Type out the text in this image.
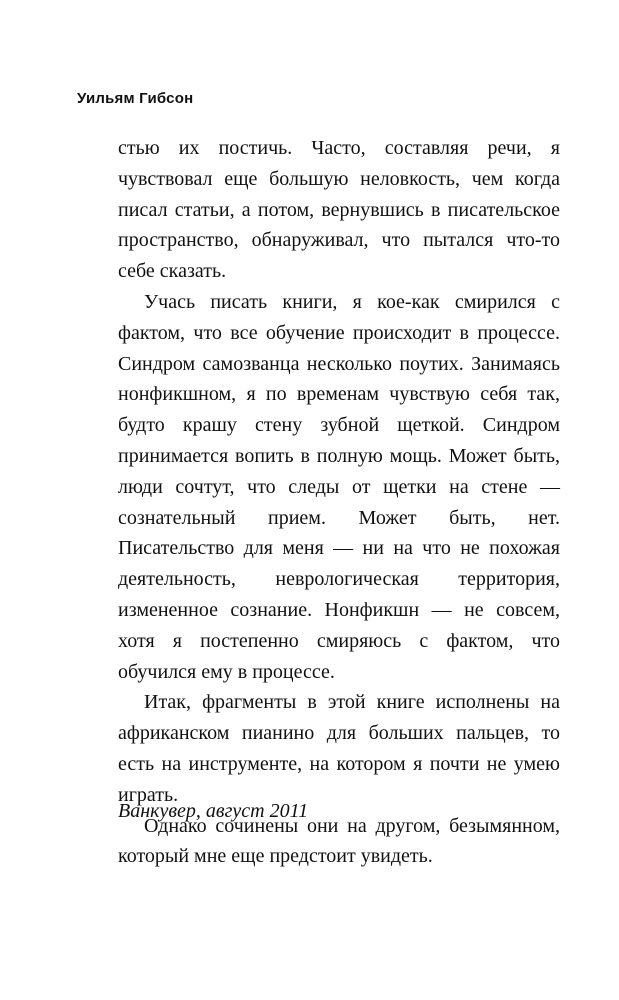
Уильям Гибсон

стью их постичь. Часто, составляя речи, я чувствовал еще большую неловкость, чем когда писал статьи, а потом, вернувшись в писательское пространство, обнаруживал, что пытался что-то себе сказать.

Учась писать книги, я кое-как смирился с фактом, что все обучение происходит в процессе. Синдром самозванца несколько поутих. Занимаясь нонфикшном, я по временам чувствую себя так, будто крашу стену зубной щеткой. Синдром принимается вопить в полную мощь. Может быть, люди сочтут, что следы от щетки на стене — сознательный прием. Может быть, нет. Писательство для меня — ни на что не похожая деятельность, неврологическая территория, измененное сознание. Нонфикшн — не совсем, хотя я постепенно смиряюсь с фактом, что обучился ему в процессе.

Итак, фрагменты в этой книге исполнены на африканском пианино для больших пальцев, то есть на инструменте, на котором я почти не умею играть.

Однако сочинены они на другом, безымянном, который мне еще предстоит увидеть.

Ванкувер, август 2011
